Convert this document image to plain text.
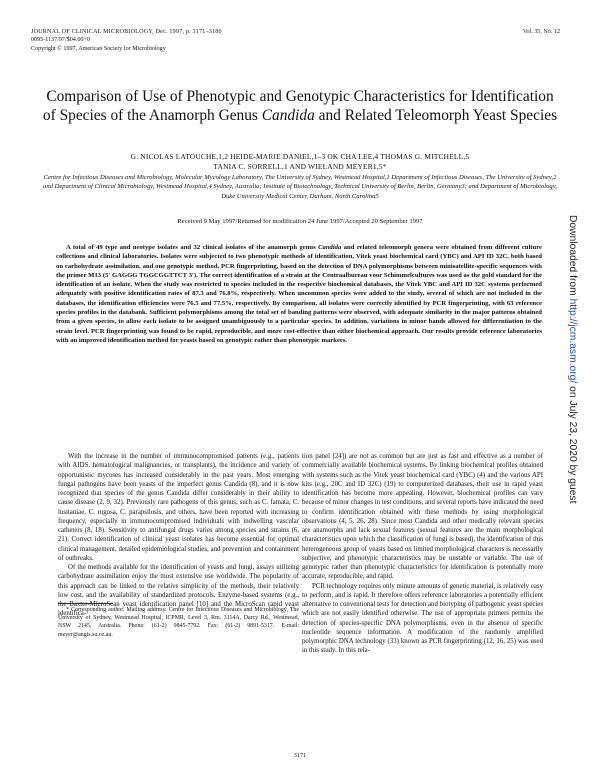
JOURNAL OF CLINICAL MICROBIOLOGY, Dec. 1997, p. 3171–3180
0095-1137/97/$04.00+0
Copyright © 1997, American Society for Microbiology
Vol. 35, No. 12
Comparison of Use of Phenotypic and Genotypic Characteristics for Identification of Species of the Anamorph Genus Candida and Related Teleomorph Yeast Species
G. NICOLAS LATOUCHE,1,2 HEIDE-MARIE DANIEL,1–3 OK CHA LEE,4 THOMAS G. MITCHELL,5
TANIA C. SORRELL,1 AND WIELAND MEYER1,5*
Centre for Infectious Diseases and Microbiology, Molecular Mycology Laboratory, The University of Sydney, Westmead Hospital,1 Department of Infectious Diseases, The University of Sydney,2 and Department of Clinical Microbiology, Westmead Hospital,4 Sydney, Australia; Institute of Biotechnology, Technical University of Berlin, Berlin, Germany3; and Department of Microbiology, Duke University Medical Center, Durham, North Carolina5
Received 9 May 1997/Returned for modification 24 June 1997/Accepted 20 September 1997

A total of 49 type and neotype isolates and 32 clinical isolates of the anamorph genus Candida and related teleomorph genera were obtained from different culture collections and clinical laboratories. Isolates were subjected to two phenotypic methods of identification, Vitek yeast biochemical card (YBC) and API ID 32C, both based on carbohydrate assimilation, and one genotypic method, PCR fingerprinting, based on the detection of DNA polymorphisms between minisatellite-specific sequences with the primer M13 (5′ GAGGG TGGCGGTTCT 3′). The correct identification of a strain at the Centraalbureau voor Schimmelcultures was used as the gold standard for the identification of an isolate. When the study was restricted to species included in the respective biochemical databases, the Vitek YBC and API ID 32C systems performed adequately with positive identification rates of 87.3 and 76.8%, respectively. When uncommon species were added to the study, several of which are not included in the databases, the identification efficiencies were 76.5 and 77.5%, respectively. By comparison, all isolates were correctly identified by PCR fingerprinting, with 63 reference species profiles in the databank. Sufficient polymorphisms among the total set of banding patterns were observed, with adequate similarity in the major patterns obtained from a given species, to allow each isolate to be assigned unambiguously to a particular species. In addition, variations in minor bands allowed for differentiation to the strain level. PCR fingerprinting was found to be rapid, reproducible, and more cost-effective than either biochemical approach. Our results provide reference laboratories with an improved identification method for yeasts based on genotypic rather than phenotypic markers.

With the increase in the number of immunocompromised patients (e.g., patients with AIDS, hematological malignancies, or transplants), the incidence and variety of opportunistic mycoses has increased considerably in the past years. Most emerging fungal pathogens have been yeasts of the imperfect genus Candida (8), and it is now recognized that species of the genus Candida differ considerably in their ability to cause disease (2, 9, 32). Previously rare pathogens of this genus, such as C. famata, C. lusitaniae, C. rugosa, C. parapsilosis, and others, have been reported with increasing frequency, especially in immunocompromised individuals with indwelling vascular catheters (8, 18). Sensitivity to antifungal drugs varies among species and strains (6, 21). Correct identification of clinical yeast isolates has become essential for optimal clinical management, detailed epidemiological studies, and prevention and containment of outbreaks.

Of the methods available for the identification of yeasts and fungi, assays utilizing carbohydrate assimilation enjoy the most extensive use worldwide. The popularity of this approach can be linked to the relative simplicity of the methods, their relatively low cost, and the availability of standardized protocols. Enzyme-based systems (e.g., the Baxter-MicroScan yeast identification panel [10] and the MicroScan rapid yeast identifica-

* Corresponding author. Mailing address: Centre for Infectious Diseases and Microbiology, The University of Sydney, Westmead Hospital, ICPMR, Level 3, Rm. 3114A, Darcy Rd., Westmead, NSW 2145, Australia. Phone: (61-2) 9845-7792. Fax: (61-2) 9891-5317. E-mail: meyer@angis.su.oz.au.

tion panel [24]) are not as common but are just as fast and effective as a number of commercially available biochemical systems. By linking biochemical profiles obtained with systems such as the Vitek yeast biochemical card (YBC) (4) and the various API kits (e.g., 20C and ID 32C) (19) to computerized databases, their use in rapid yeast identification has become more appealing. However, biochemical profiles can vary because of minor changes in test conditions, and several reports have indicated the need to confirm identification obtained with these methods by using morphological observations (4, 5, 26, 28). Since most Candida and other medically relevant species are anamorphs and lack sexual features (sexual features are the main morphological characteristics upon which the classification of fungi is based), the identification of this heterogeneous group of yeasts based on limited morphological characters is necessarily subjective, and phenotypic characteristics may be unstable or variable. The use of genotypic rather than phenotypic characteristics for identification is potentially more accurate, reproducible, and rapid.

PCR technology requires only minute amounts of genetic material, is relatively easy to perform, and is rapid. It therefore offers reference laboratories a potentially efficient alternative to conventional tests for detection and biotyping of pathogenic yeast species which are not easily identified otherwise. The use of appropriate primers permits the detection of species-specific DNA polymorphisms, even in the absence of specific nucleotide sequence information. A modification of the randomly amplified polymorphic DNA technology (33) known as PCR fingerprinting (12, 16, 25) was used in this study. In this rela-

3171
Downloaded from http://jcm.asm.org/ on July 23, 2020 by guest
